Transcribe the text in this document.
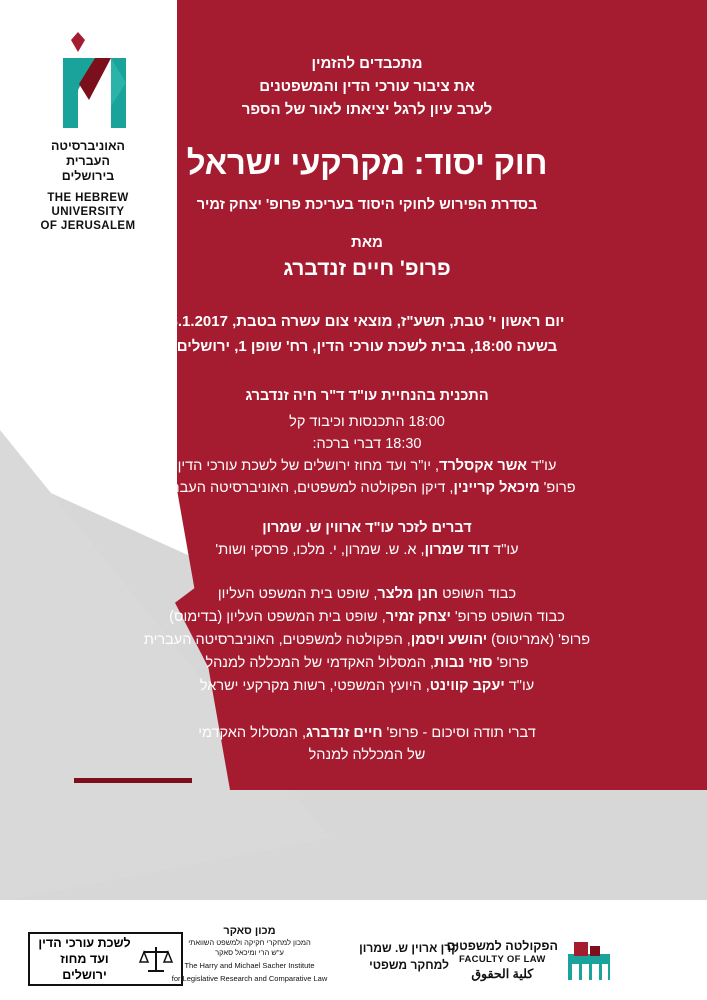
האוניברסיטה
העברית
בירושלים
THE HEBREW
UNIVERSITY
OF JERUSALEM
מתכבדים להזמין
את ציבור עורכי הדין והמשפטנים
לערב עיון לרגל יציאתו לאור של הספר
חוק יסוד: מקרקעי ישראל
בסדרת הפירוש לחוקי היסוד בעריכת פרופ' יצחק זמיר
מאת
פרופ' חיים זנדברג
יום ראשון י' טבת, תשע"ז, מוצאי צום עשרה בטבת, 8.1.2017
בשעה 18:00, בבית לשכת עורכי הדין, רח' שופן 1, ירושלים
התכנית בהנחיית עו"ד ד"ר חיה זנדברג
18:00 התכנסות וכיבוד קל
18:30 דברי ברכה:
עו"ד אשר אקסלרד, יו"ר ועד מחוז ירושלים של לשכת עורכי הדין
פרופ' מיכאל קריינין, דיקן הפקולטה למשפטים, האוניברסיטה העברית
דברים לזכר עו"ד ארווין ש. שמרון
עו"ד דוד שמרון, א. ש. שמרון, י. מלכו, פרסקי ושות'
כבוד השופט חנן מלצר, שופט בית המשפט העליון
כבוד השופט פרופ' יצחק זמיר, שופט בית המשפט העליון (בדימוס)
פרופ' (אמריטוס) יהושע ויסמן, הפקולטה למשפטים, האוניברסיטה העברית
פרופ' סוזי נבות, המסלול האקדמי של המכללה למנהל
עו"ד יעקב קווינט, היועץ המשפטי, רשות מקרקעי ישראל
דברי תודה וסיכום - פרופ' חיים זנדברג, המסלול האקדמי
של המכללה למנהל
הפקולטה למשפטים
FACULTY OF LAW
كلية الحقوق
קרן ארוין ש. שמרון
למחקר משפטי
מכון סאקר
המכון למחקרי חקיקה ולמשפט השוואתי
ע"ש הרי ומיכאל סאקר
The Harry and Michael Sacher Institute
for Legislative Research and Comparative Law
לשכת עורכי הדין
ועד מחוז ירושלים
